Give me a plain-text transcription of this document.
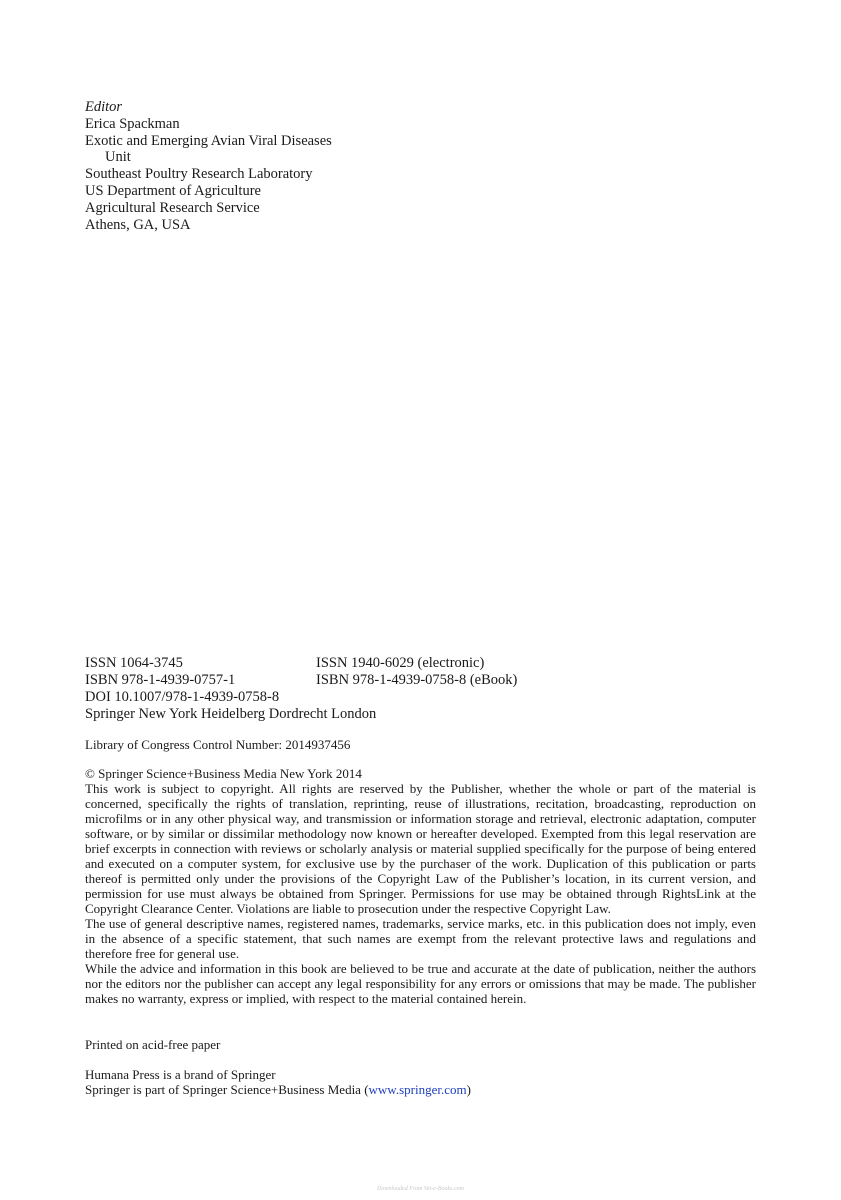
Editor
Erica Spackman
Exotic and Emerging Avian Viral Diseases
Unit
Southeast Poultry Research Laboratory
US Department of Agriculture
Agricultural Research Service
Athens, GA, USA
ISSN 1064-3745	ISSN 1940-6029 (electronic)
ISBN 978-1-4939-0757-1	ISBN 978-1-4939-0758-8 (eBook)
DOI 10.1007/978-1-4939-0758-8
Springer New York Heidelberg Dordrecht London
Library of Congress Control Number: 2014937456
© Springer Science+Business Media New York 2014
This work is subject to copyright. All rights are reserved by the Publisher, whether the whole or part of the material is concerned, specifically the rights of translation, reprinting, reuse of illustrations, recitation, broadcasting, reproduction on microfilms or in any other physical way, and transmission or information storage and retrieval, electronic adaptation, computer software, or by similar or dissimilar methodology now known or hereafter developed. Exempted from this legal reservation are brief excerpts in connection with reviews or scholarly analysis or material supplied specifically for the purpose of being entered and executed on a computer system, for exclusive use by the purchaser of the work. Duplication of this publication or parts thereof is permitted only under the provisions of the Copyright Law of the Publisher’s location, in its current version, and permission for use must always be obtained from Springer. Permissions for use may be obtained through RightsLink at the Copyright Clearance Center. Violations are liable to prosecution under the respective Copyright Law.
The use of general descriptive names, registered names, trademarks, service marks, etc. in this publication does not imply, even in the absence of a specific statement, that such names are exempt from the relevant protective laws and regulations and therefore free for general use.
While the advice and information in this book are believed to be true and accurate at the date of publication, neither the authors nor the editors nor the publisher can accept any legal responsibility for any errors or omissions that may be made. The publisher makes no warranty, express or implied, with respect to the material contained herein.
Printed on acid-free paper
Humana Press is a brand of Springer
Springer is part of Springer Science+Business Media (www.springer.com)
Downloaded From Vet-e-Books.com
